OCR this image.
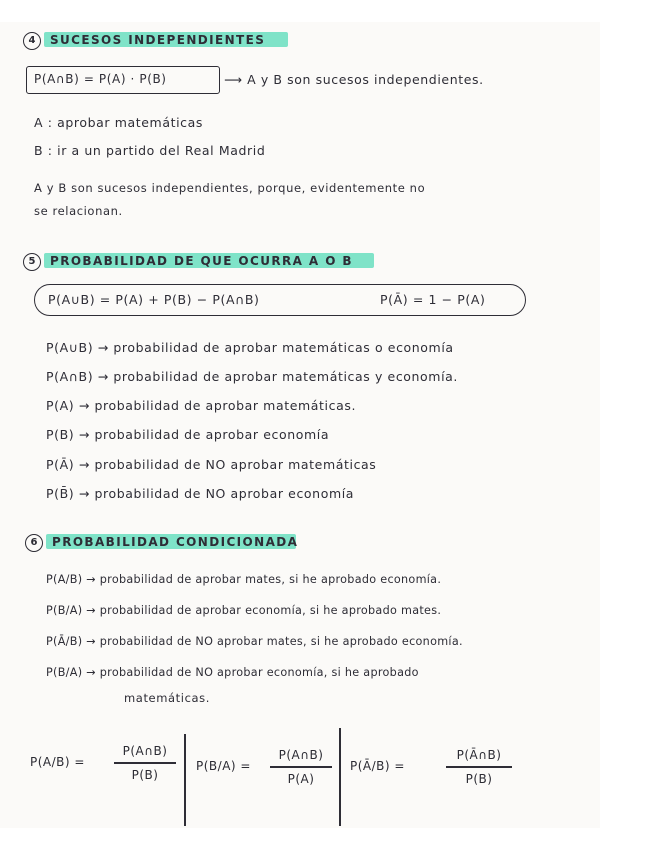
4	SUCESOS INDEPENDIENTES
P(A∩B) = P(A) · P(B)	⟶ A y B son sucesos independientes.
A : aprobar matemáticas
B : ir a un partido del Real Madrid
A y B son sucesos independientes, porque, evidentemente no
se relacionan.
5	PROBABILIDAD DE QUE OCURRA A O B
P(A∪B) = P(A) + P(B) − P(A∩B)	P(Ā) = 1 − P(A)
P(A∪B) → probabilidad de aprobar matemáticas o economía
P(A∩B) → probabilidad de aprobar matemáticas y economía.
P(A) → probabilidad de aprobar matemáticas.
P(B) → probabilidad de aprobar economía
P(Ā) → probabilidad de NO aprobar matemáticas
P(B̄) → probabilidad de NO aprobar economía
6	PROBABILIDAD CONDICIONADA
P(A/B) → probabilidad de aprobar mates, si he aprobado economía.
P(B/A) → probabilidad de aprobar economía, si he aprobado mates.
P(Ā/B) → probabilidad de NO aprobar mates, si he aprobado economía.
P(B/A) → probabilidad de NO aprobar economía, si he aprobado
matemáticas.
P(A/B) =
P(A∩B)
P(B)
P(B/A) =
P(A∩B)
P(A)
P(Ā/B) =
P(Ā∩B)
P(B)
